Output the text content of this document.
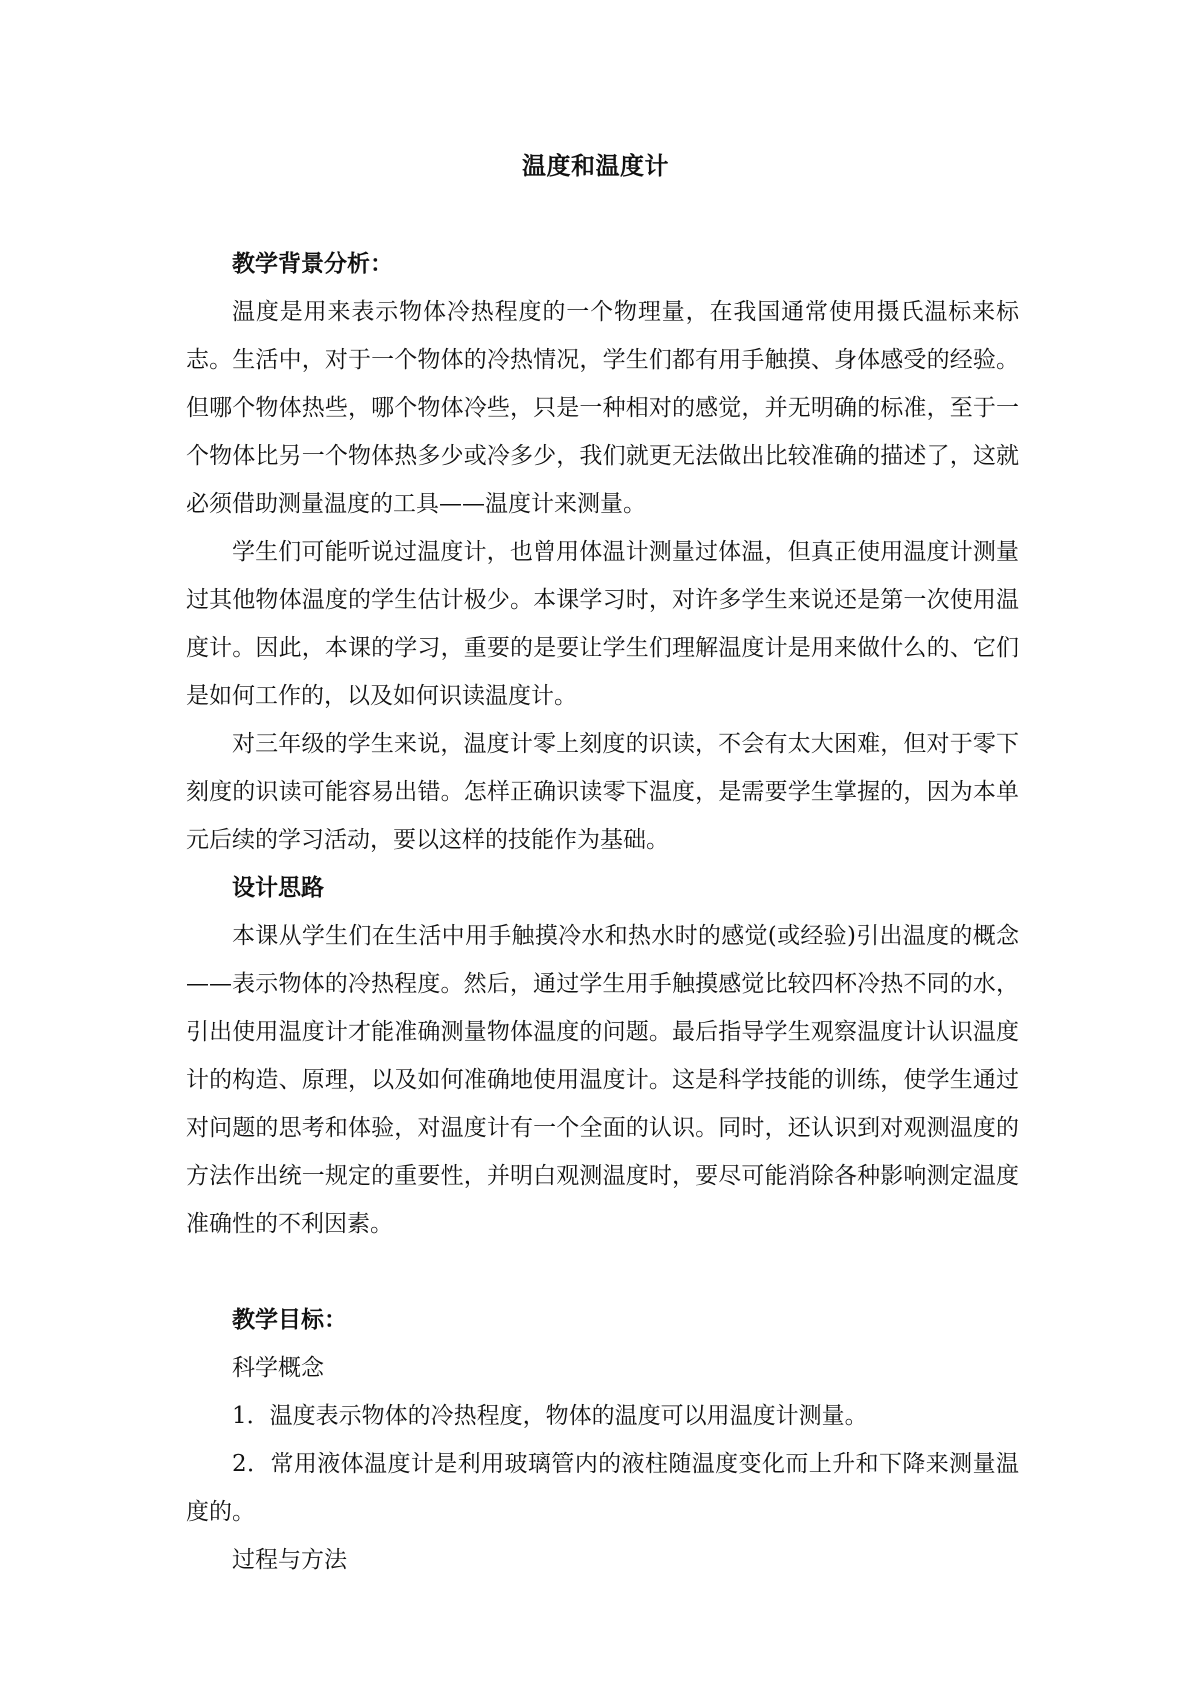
温度和温度计

教学背景分析：

温度是用来表示物体冷热程度的一个物理量，在我国通常使用摄氏温标来标志。生活中，对于一个物体的冷热情况，学生们都有用手触摸、身体感受的经验。但哪个物体热些，哪个物体冷些，只是一种相对的感觉，并无明确的标准，至于一个物体比另一个物体热多少或冷多少，我们就更无法做出比较准确的描述了，这就必须借助测量温度的工具——温度计来测量。

学生们可能听说过温度计，也曾用体温计测量过体温，但真正使用温度计测量过其他物体温度的学生估计极少。本课学习时，对许多学生来说还是第一次使用温度计。因此，本课的学习，重要的是要让学生们理解温度计是用来做什么的、它们是如何工作的，以及如何识读温度计。

对三年级的学生来说，温度计零上刻度的识读，不会有太大困难，但对于零下刻度的识读可能容易出错。怎样正确识读零下温度，是需要学生掌握的，因为本单元后续的学习活动，要以这样的技能作为基础。

设计思路

本课从学生们在生活中用手触摸冷水和热水时的感觉(或经验)引出温度的概念——表示物体的冷热程度。然后，通过学生用手触摸感觉比较四杯冷热不同的水，引出使用温度计才能准确测量物体温度的问题。最后指导学生观察温度计认识温度计的构造、原理，以及如何准确地使用温度计。这是科学技能的训练，使学生通过对问题的思考和体验，对温度计有一个全面的认识。同时，还认识到对观测温度的方法作出统一规定的重要性，并明白观测温度时，要尽可能消除各种影响测定温度准确性的不利因素。

教学目标：

科学概念

1．温度表示物体的冷热程度，物体的温度可以用温度计测量。

2．常用液体温度计是利用玻璃管内的液柱随温度变化而上升和下降来测量温度的。

过程与方法
